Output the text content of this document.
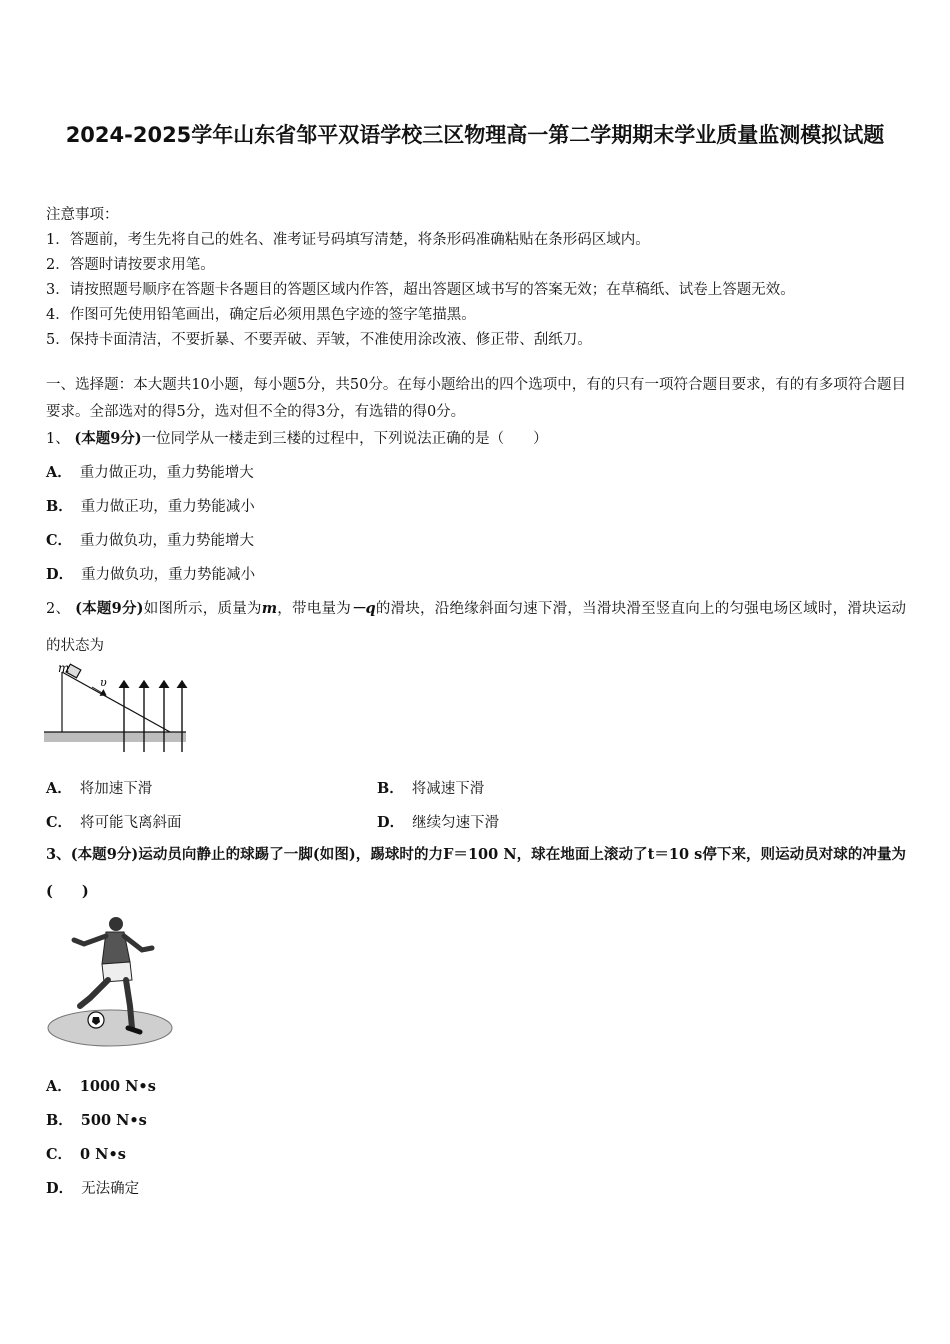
2024-2025学年山东省邹平双语学校三区物理高一第二学期期末学业质量监测模拟试题
注意事项：
1．答题前，考生先将自己的姓名、准考证号码填写清楚，将条形码准确粘贴在条形码区域内。
2．答题时请按要求用笔。
3．请按照题号顺序在答题卡各题目的答题区域内作答，超出答题区域书写的答案无效；在草稿纸、试卷上答题无效。
4．作图可先使用铅笔画出，确定后必须用黑色字迹的签字笔描黑。
5．保持卡面清洁，不要折暴、不要弄破、弄皱，不准使用涂改液、修正带、刮纸刀。
一、选择题：本大题共10小题，每小题5分，共50分。在每小题给出的四个选项中，有的只有一项符合题目要求，有的有多项符合题目要求。全部选对的得5分，选对但不全的得3分，有选错的得0分。
1、 (本题9分)一位同学从一楼走到三楼的过程中，下列说法正确的是（　　）
A． 重力做正功，重力势能增大
B． 重力做正功，重力势能减小
C． 重力做负功，重力势能增大
D． 重力做负功，重力势能减小
2、 (本题9分)如图所示，质量为m，带电量为－q的滑块，沿绝缘斜面匀速下滑，当滑块滑至竖直向上的匀强电场区域时，滑块运动的状态为
m
υ
A． 将加速下滑	B． 将减速下滑
C． 将可能飞离斜面	D． 继续匀速下滑
3、(本题9分)运动员向静止的球踢了一脚(如图)，踢球时的力F＝100 N，球在地面上滚动了t＝10 s停下来，则运动员对球的冲量为(　　)
A． 1000 N•s
B． 500 N•s
C． 0 N•s
D． 无法确定
